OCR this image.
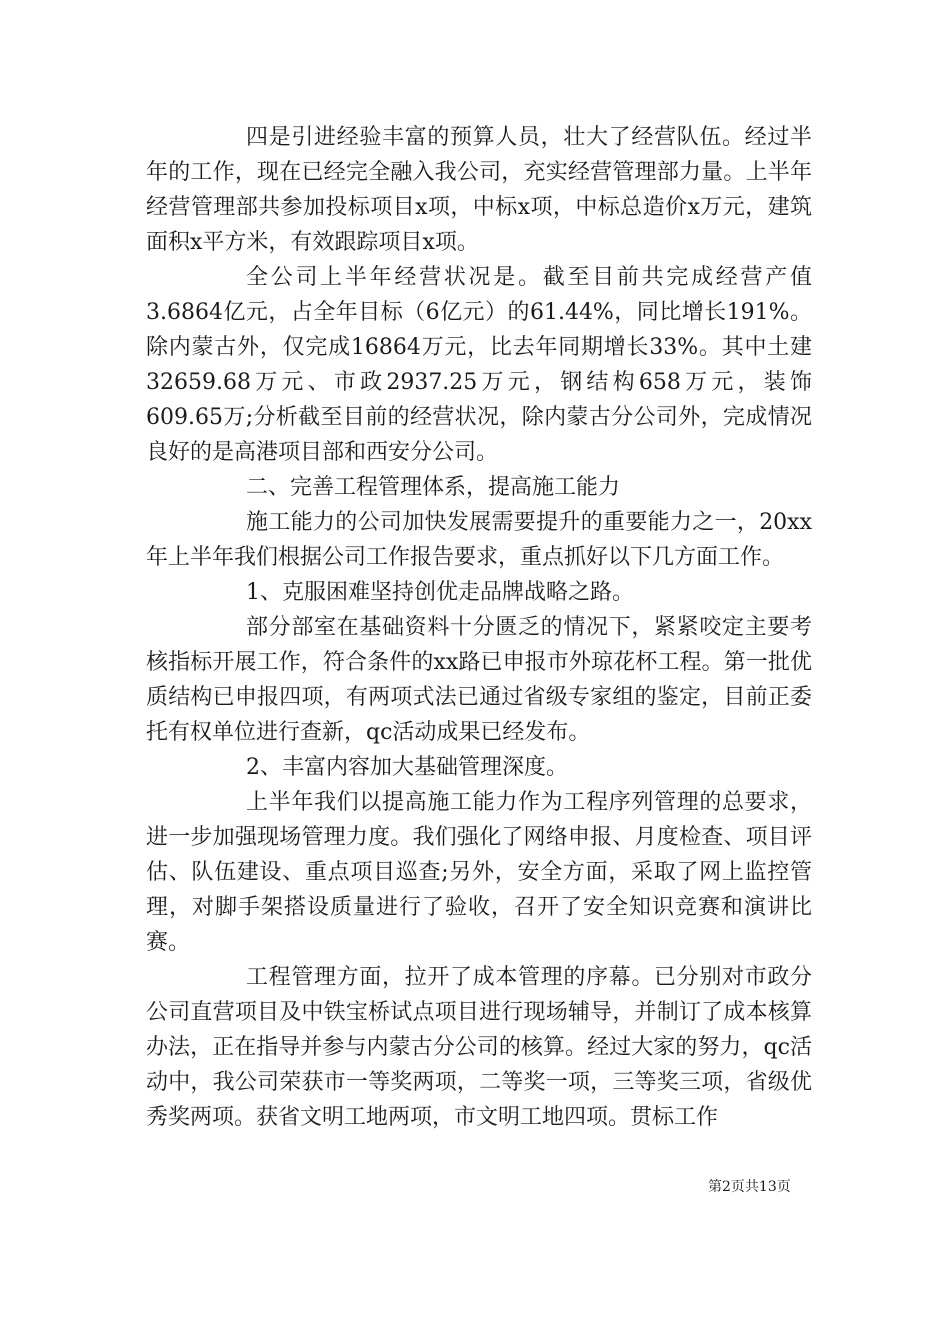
四是引进经验丰富的预算人员，壮大了经营队伍。经过半年的工作，现在已经完全融入我公司，充实经营管理部力量。上半年经营管理部共参加投标项目x项，中标x项，中标总造价x万元，建筑面积x平方米，有效跟踪项目x项。

全公司上半年经营状况是。截至目前共完成经营产值3.6864亿元，占全年目标（6亿元）的61.44%，同比增长191%。除内蒙古外，仅完成16864万元，比去年同期增长33%。其中土建32659.68万元、市政2937.25万元，钢结构658万元，装饰609.65万;分析截至目前的经营状况，除内蒙古分公司外，完成情况良好的是高港项目部和西安分公司。

二、完善工程管理体系，提高施工能力

施工能力的公司加快发展需要提升的重要能力之一，20xx年上半年我们根据公司工作报告要求，重点抓好以下几方面工作。

1、克服困难坚持创优走品牌战略之路。

部分部室在基础资料十分匮乏的情况下，紧紧咬定主要考核指标开展工作，符合条件的xx路已申报市外琼花杯工程。第一批优质结构已申报四项，有两项式法已通过省级专家组的鉴定，目前正委托有权单位进行查新，qc活动成果已经发布。

2、丰富内容加大基础管理深度。

上半年我们以提高施工能力作为工程序列管理的总要求，进一步加强现场管理力度。我们强化了网络申报、月度检查、项目评估、队伍建设、重点项目巡查;另外，安全方面，采取了网上监控管理，对脚手架搭设质量进行了验收，召开了安全知识竞赛和演讲比赛。

工程管理方面，拉开了成本管理的序幕。已分别对市政分公司直营项目及中铁宝桥试点项目进行现场辅导，并制订了成本核算办法，正在指导并参与内蒙古分公司的核算。经过大家的努力，qc活动中，我公司荣获市一等奖两项，二等奖一项，三等奖三项，省级优秀奖两项。获省文明工地两项，市文明工地四项。贯标工作

第2页共13页
